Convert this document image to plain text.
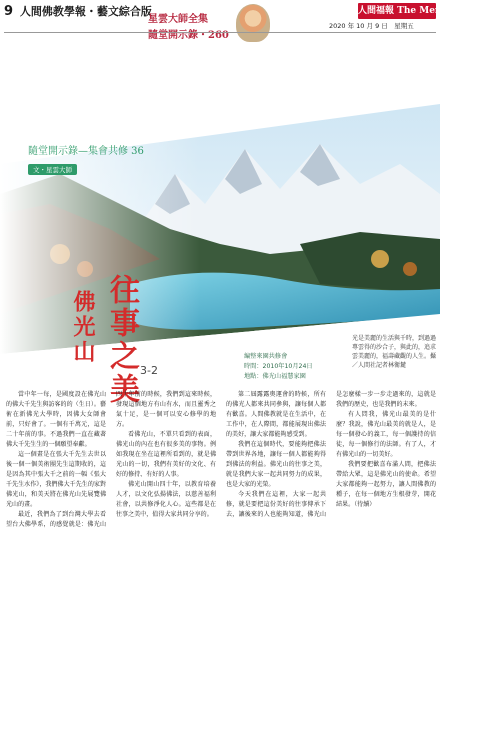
9 人間佛教學報・藝文綜合版
星雲大師全集
隨堂開示錄・260
人間福報 The Merit Times
2020 年 10 月 9 日　星期五
隨堂開示錄—集會共修 36
文・星雲大師
往事之美
佛光山
3-2
編整來園共修會
時間：2010年10月24日
地點：佛光山福慧家園
光是美麗的生活與千時，到過過專雲得的沙合子，與此的，追求雲美麗的，福壽藏觀的人生。攝／人間社記者林衛麓

當中年一每，是國度設在佛光山的佛大千先生與訪客的的（生日）。藝術在新佛光大學時，因佛大女師會前，只好會了。一個有千萬元，這是二十年前的事。不過我們一直在藏著佛大千先生生的一個願望奉獻。

這一個畫是在張大千先生去世以後一個一個美術團先生這期收的，這是因為其中張大千之前的一幅《張大千先生水作》，我們佛大千先生的家對佛光山，和美天將在佛光山先展覽佛光山的畫。

最近，我們為了到台灣大學去看望台大佛學系，的感覺就是：佛光山四十年前的時候，我們到這來時候，發現這個地方有山有水，而且靈秀之氣十足，是一個可以安心修學的地方。

看佛光山，不單只看到的表面，佛光山的內在也有很多美的事物。例如我現在坐在這裡所看到的，就是佛光山的一切，我們有美好的文化、有好的修持、有好的人事。

佛光山開山四十年，以教育培養人才，以文化弘揚佛法，以慈善福利社會，以共修淨化人心。這些都是在往事之美中，值得大家共同分享的。

第二屆露露奧運會的時候，所有的佛光人都來共同參與，讓每個人都有歡喜。人間佛教就是在生活中，在工作中，在人際間，都能展現出佛法的美好，讓大家都能夠感受到。

我們在這個時代，要能夠把佛法帶到世界各地，讓每一個人都能夠得到佛法的利益。佛光山的往事之美，就是我們大家一起共同努力的成果，也是大家的光榮。

今天我們在這裡，大家一起共修，就是要把這份美好的往事傳承下去，讓後來的人也能夠知道，佛光山是怎麼樣一步一步走過來的，這就是我們的歷史，也是我們的未來。

有人問我，佛光山最美的是什麼？我說，佛光山最美的就是人，是每一個發心的義工，每一個護持的信徒，每一個修行的法師。有了人，才有佛光山的一切美好。

我們要把歡喜布滿人間，把佛法帶給大眾，這是佛光山的使命。希望大家都能夠一起努力，讓人間佛教的種子，在每一個地方生根發芽，開花結果。（待續）
